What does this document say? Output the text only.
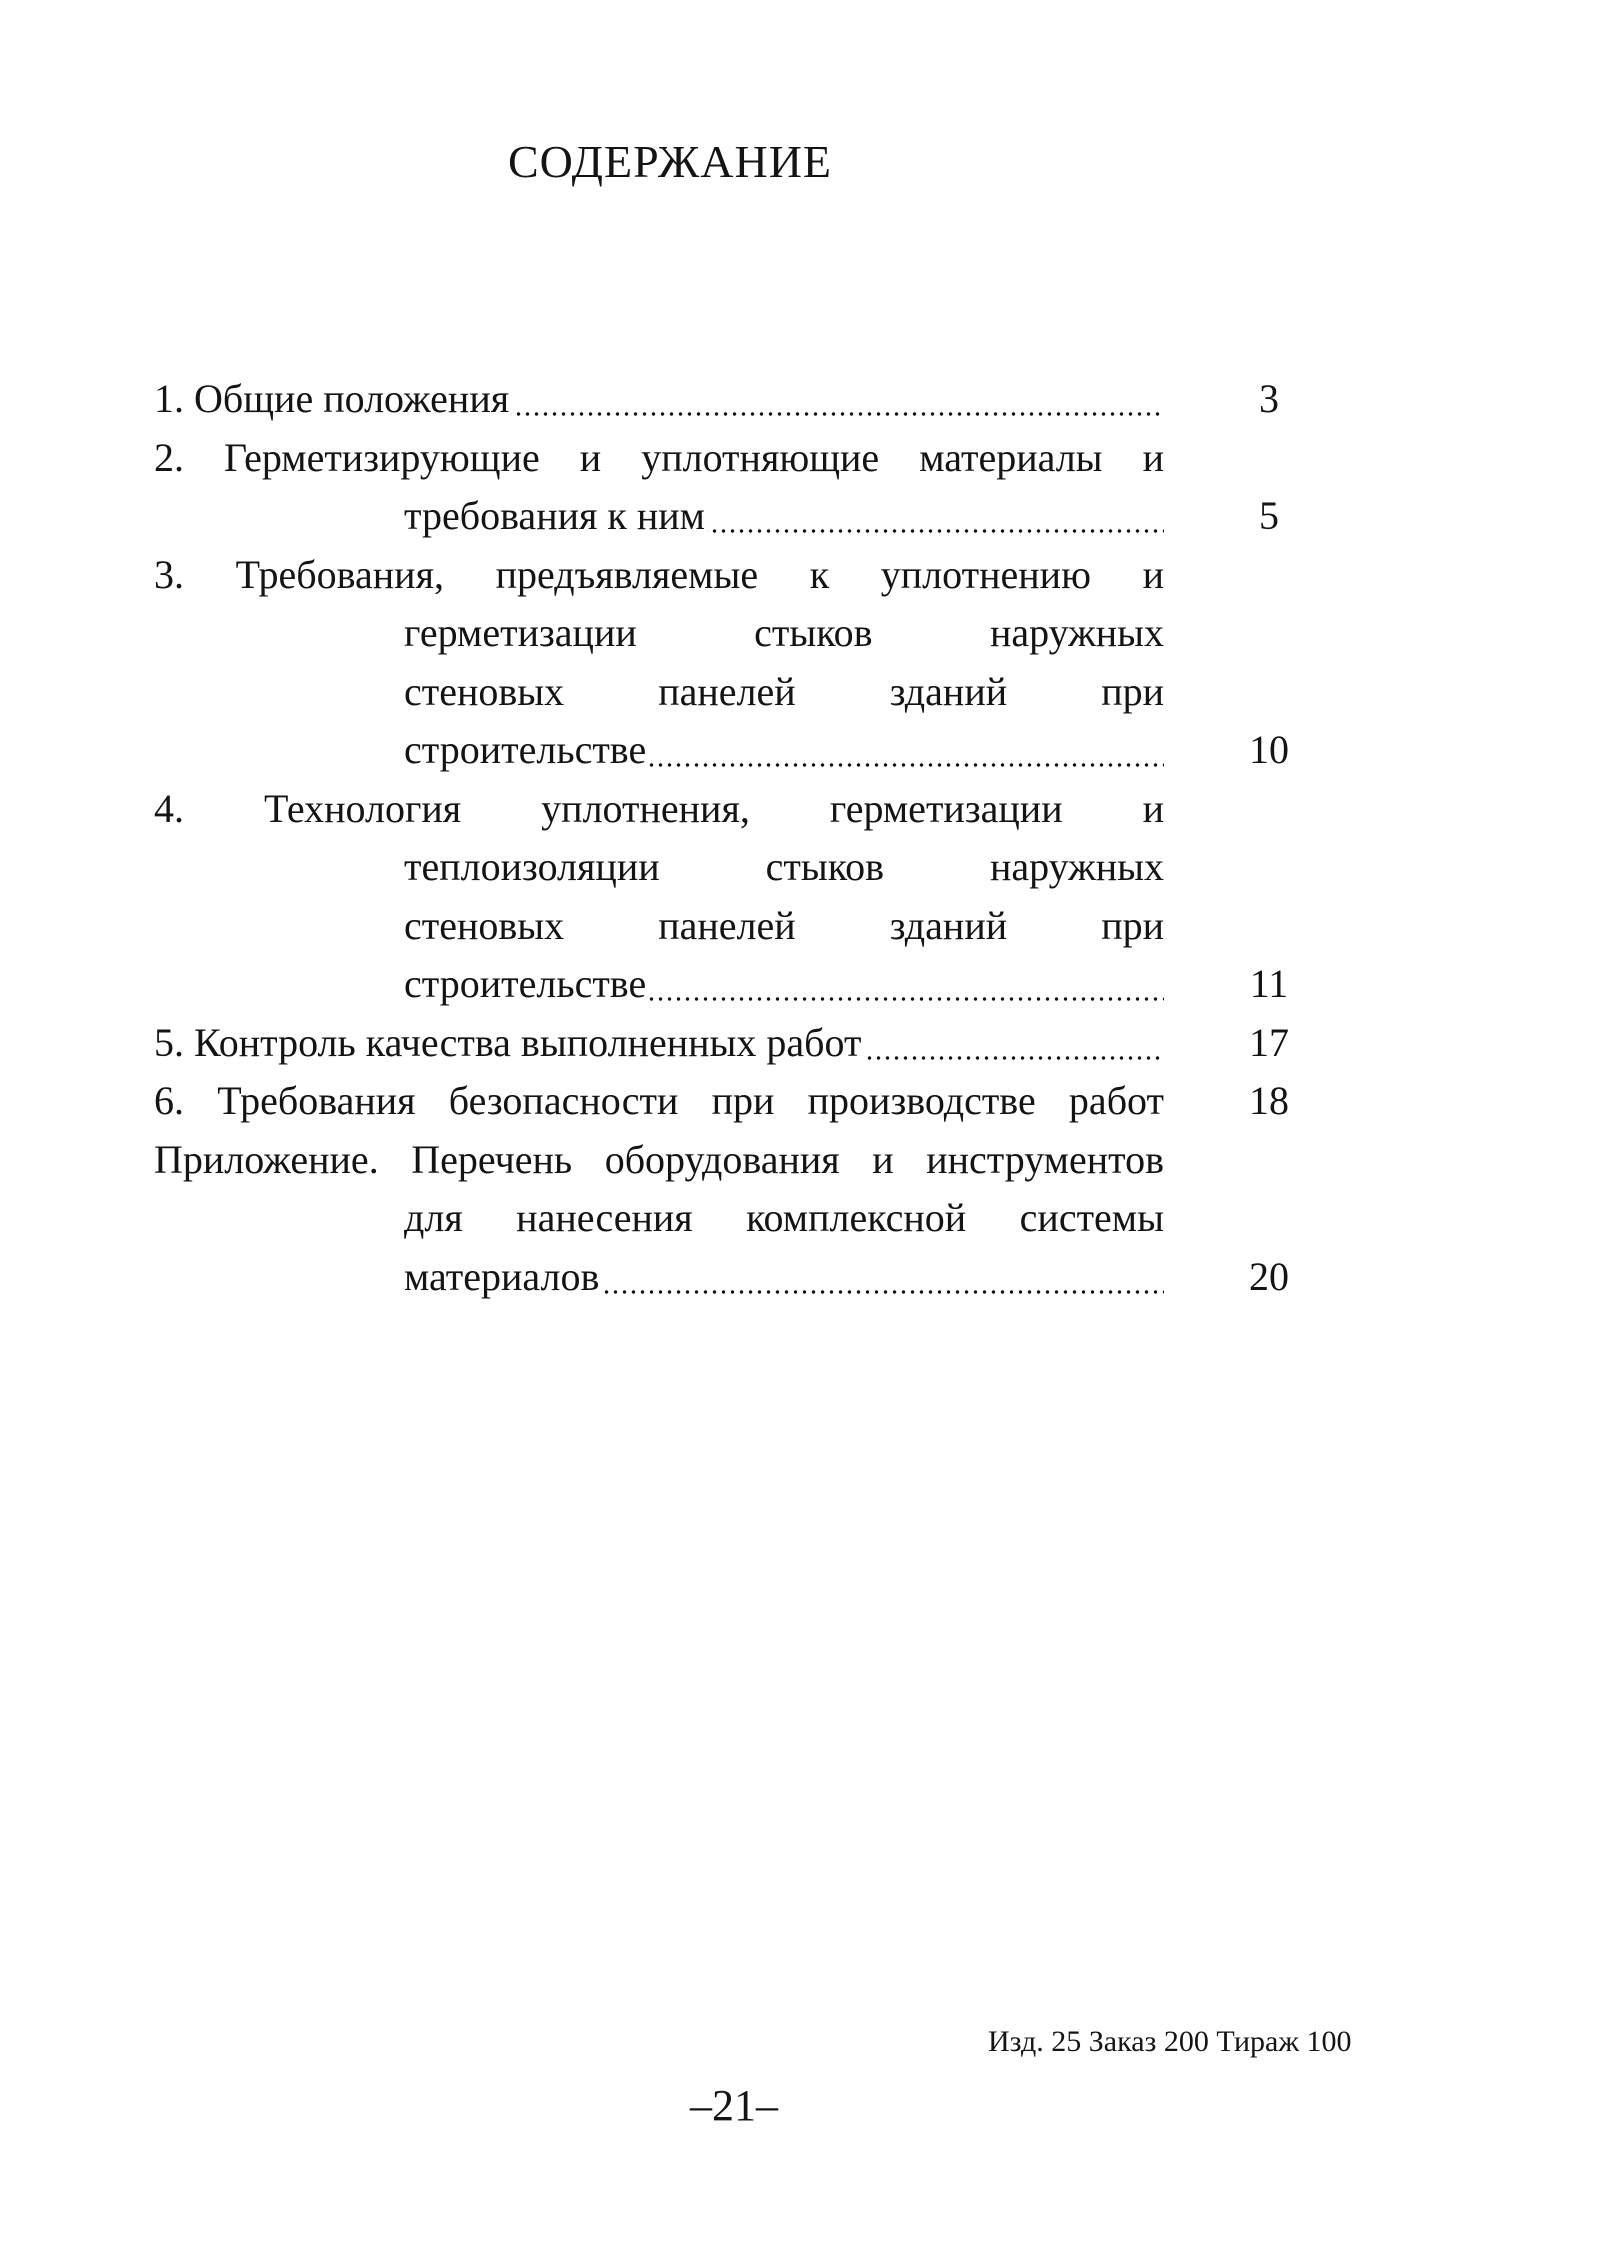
СОДЕРЖАНИЕ
1. Общие положения	3
2. Герметизирующие и уплотняющие материалы и
требования к ним	5
3. Требования, предъявляемые к уплотнению и
герметизации стыков наружных
стеновых панелей зданий при
строительстве	10
4. Технология уплотнения, герметизации и
теплоизоляции стыков наружных
стеновых панелей зданий при
строительстве	11
5. Контроль качества выполненных работ	17
6. Требования безопасности при производстве работ	18
Приложение. Перечень оборудования и инструментов
для нанесения комплексной системы
материалов	20
Изд. 25 Заказ 200 Тираж 100
–21–
